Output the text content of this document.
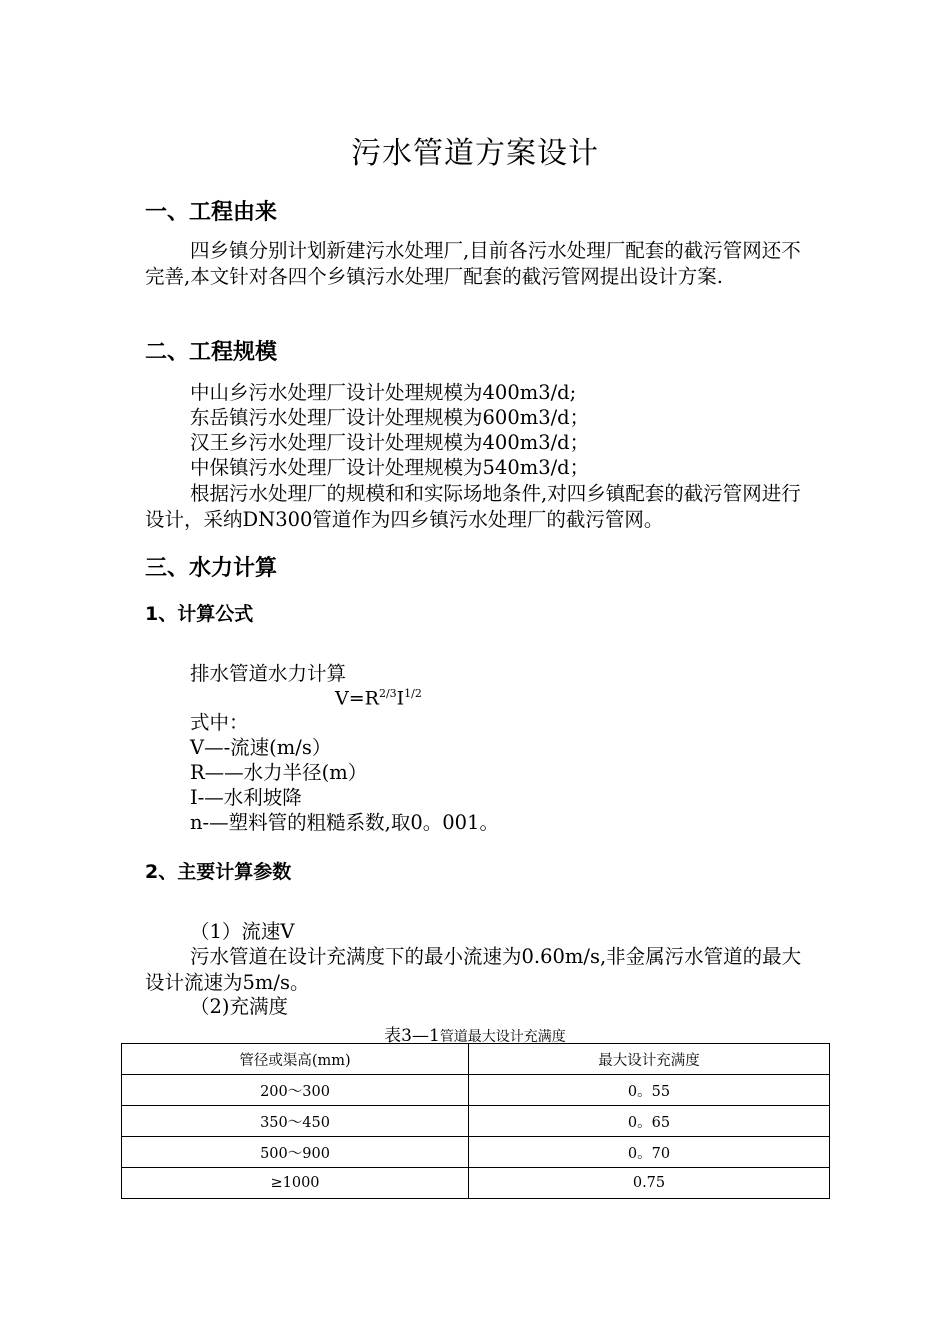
污水管道方案设计
一、工程由来
四乡镇分别计划新建污水处理厂,目前各污水处理厂配套的截污管网还不完善,本文针对各四个乡镇污水处理厂配套的截污管网提出设计方案.
二、工程规模
中山乡污水处理厂设计处理规模为400m3/d;
东岳镇污水处理厂设计处理规模为600m3/d；
汉王乡污水处理厂设计处理规模为400m3/d；
中保镇污水处理厂设计处理规模为540m3/d；
根据污水处理厂的规模和和实际场地条件,对四乡镇配套的截污管网进行设计，采纳DN300管道作为四乡镇污水处理厂的截污管网。
三、水力计算
1、计算公式
排水管道水力计算
$V=R^{2/3}I^{1/2}$
式中：
V—-流速(m/s）
R——水力半径(m）
I-—水利坡降
n-—塑料管的粗糙系数,取0。001。
2、主要计算参数
（1）流速V
污水管道在设计充满度下的最小流速为0.60m/s,非金属污水管道的最大设计流速为5m/s。
（2)充满度
表3—1管道最大设计充满度
管径或渠高(mm)	最大设计充满度
200～300	0。55
350～450	0。65
500～900	0。70
≥1000	0.75
